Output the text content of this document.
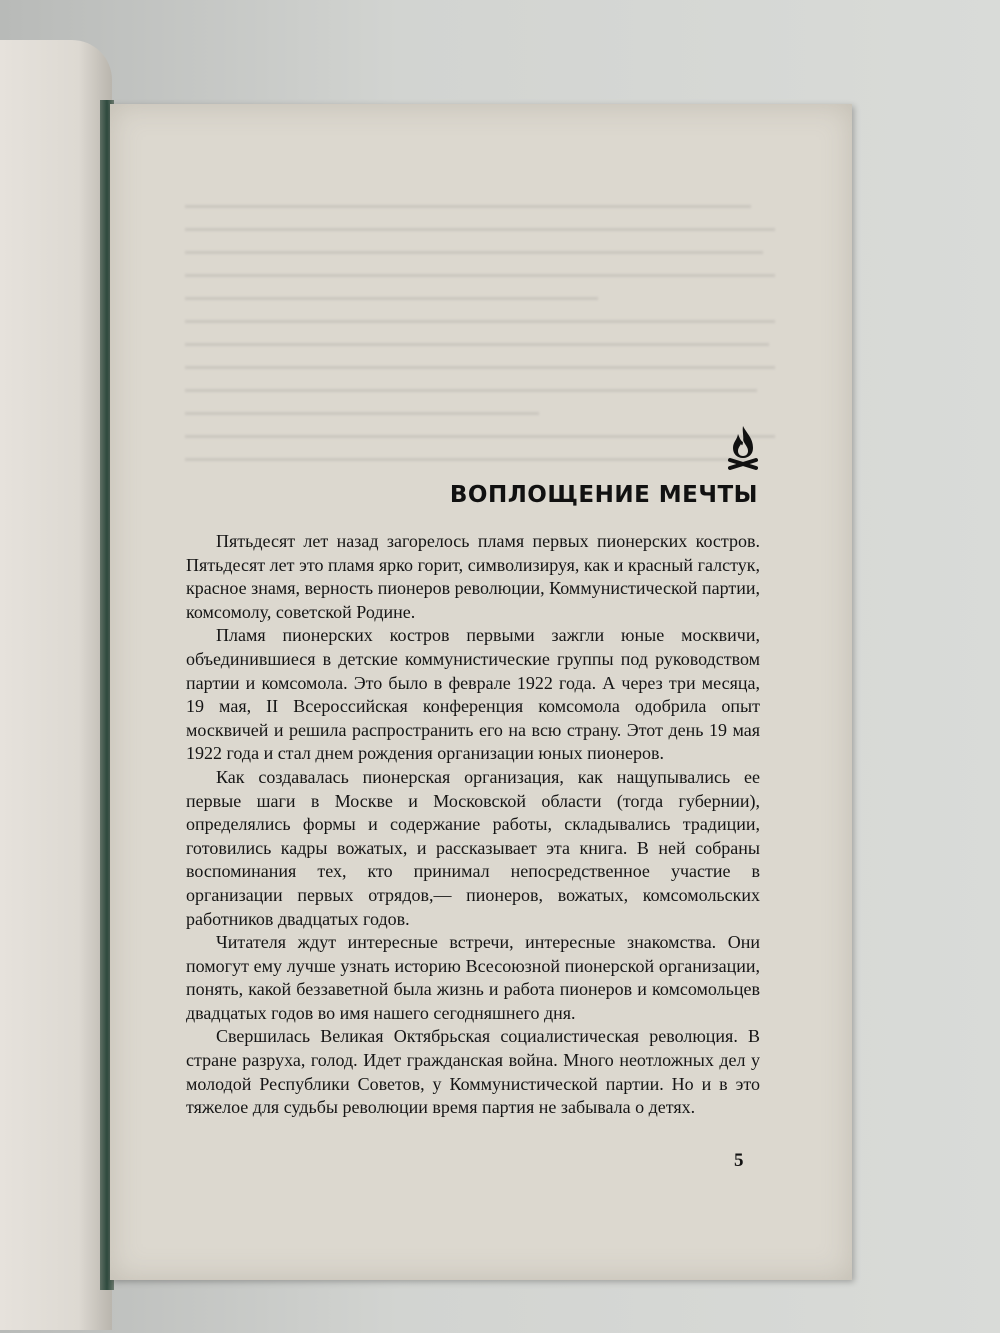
ВОПЛОЩЕНИЕ МЕЧТЫ

Пятьдесят лет назад загорелось пламя первых пионерских костров. Пятьдесят лет это пламя ярко горит, символизируя, как и красный галстук, красное знамя, верность пионеров революции, Коммунистической партии, комсомолу, советской Родине.

Пламя пионерских костров первыми зажгли юные москвичи, объединившиеся в детские коммунистические группы под руководством партии и комсомола. Это было в феврале 1922 года. А через три месяца, 19 мая, II Всероссийская конференция комсомола одобрила опыт москвичей и решила распространить его на всю страну. Этот день 19 мая 1922 года и стал днем рождения организации юных пионеров.

Как создавалась пионерская организация, как нащупывались ее первые шаги в Москве и Московской области (тогда губернии), определялись формы и содержание работы, складывались традиции, готовились кадры вожатых, и рассказывает эта книга. В ней собраны воспоминания тех, кто принимал непосредственное участие в организации первых отрядов,— пионеров, вожатых, комсомольских работников двадцатых годов.

Читателя ждут интересные встречи, интересные знакомства. Они помогут ему лучше узнать историю Всесоюзной пионерской организации, понять, какой беззаветной была жизнь и работа пионеров и комсомольцев двадцатых годов во имя нашего сегодняшнего дня.

Свершилась Великая Октябрьская социалистическая революция. В стране разруха, голод. Идет гражданская война. Много неотложных дел у молодой Республики Советов, у Коммунистической партии. Но и в это тяжелое для судьбы революции время партия не забывала о детях.

5
